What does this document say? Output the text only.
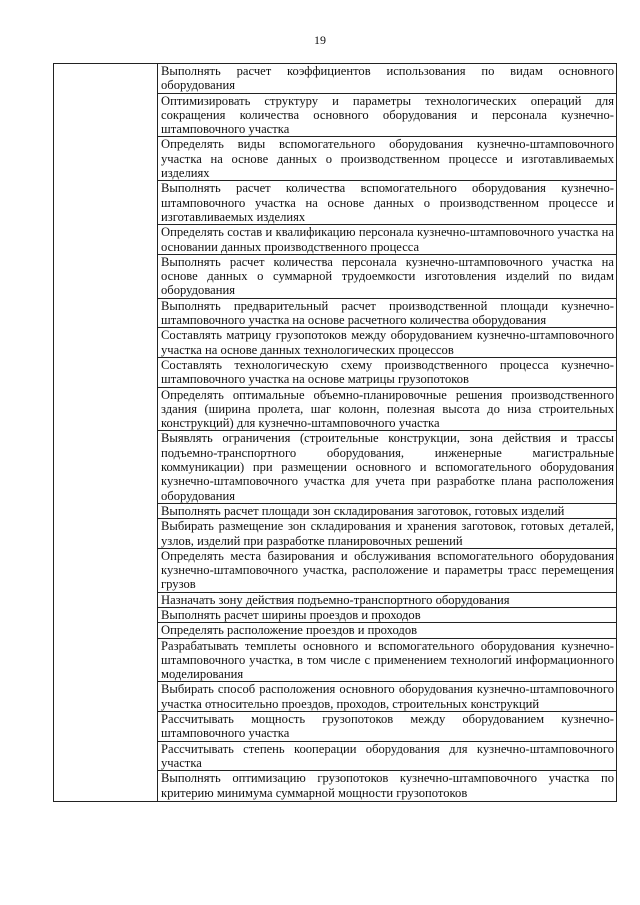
19
	Выполнять расчет коэффициентов использования по видам основного оборудования
Оптимизировать структуру и параметры технологических операций для сокращения количества основного оборудования и персонала кузнечно-штамповочного участка
Определять виды вспомогательного оборудования кузнечно-штамповочного участка на основе данных о производственном процессе и изготавливаемых изделиях
Выполнять расчет количества вспомогательного оборудования кузнечно-штамповочного участка на основе данных о производственном процессе и изготавливаемых изделиях
Определять состав и квалификацию персонала кузнечно-штамповочного участка на основании данных производственного процесса
Выполнять расчет количества персонала кузнечно-штамповочного участка на основе данных о суммарной трудоемкости изготовления изделий по видам оборудования
Выполнять предварительный расчет производственной площади кузнечно-штамповочного участка на основе расчетного количества оборудования
Составлять матрицу грузопотоков между оборудованием кузнечно-штамповочного участка на основе данных технологических процессов
Составлять технологическую схему производственного процесса кузнечно-штамповочного участка на основе матрицы грузопотоков
Определять оптимальные объемно-планировочные решения производственного здания (ширина пролета, шаг колонн, полезная высота до низа строительных конструкций) для кузнечно-штамповочного участка
Выявлять ограничения (строительные конструкции, зона действия и трассы подъемно-транспортного оборудования, инженерные магистральные коммуникации) при размещении основного и вспомогательного оборудования кузнечно-штамповочного участка для учета при разработке плана расположения оборудования
Выполнять расчет площади зон складирования заготовок, готовых изделий
Выбирать размещение зон складирования и хранения заготовок, готовых деталей, узлов, изделий при разработке планировочных решений
Определять места базирования и обслуживания вспомогательного оборудования кузнечно-штамповочного участка, расположение и параметры трасс перемещения грузов
Назначать зону действия подъемно-транспортного оборудования
Выполнять расчет ширины проездов и проходов
Определять расположение проездов и проходов
Разрабатывать темплеты основного и вспомогательного оборудования кузнечно-штамповочного участка, в том числе с применением технологий информационного моделирования
Выбирать способ расположения основного оборудования кузнечно-штамповочного участка относительно проездов, проходов, строительных конструкций
Рассчитывать мощность грузопотоков между оборудованием кузнечно-штамповочного участка
Рассчитывать степень кооперации оборудования для кузнечно-штамповочного участка
Выполнять оптимизацию грузопотоков кузнечно-штамповочного участка по критерию минимума суммарной мощности грузопотоков
